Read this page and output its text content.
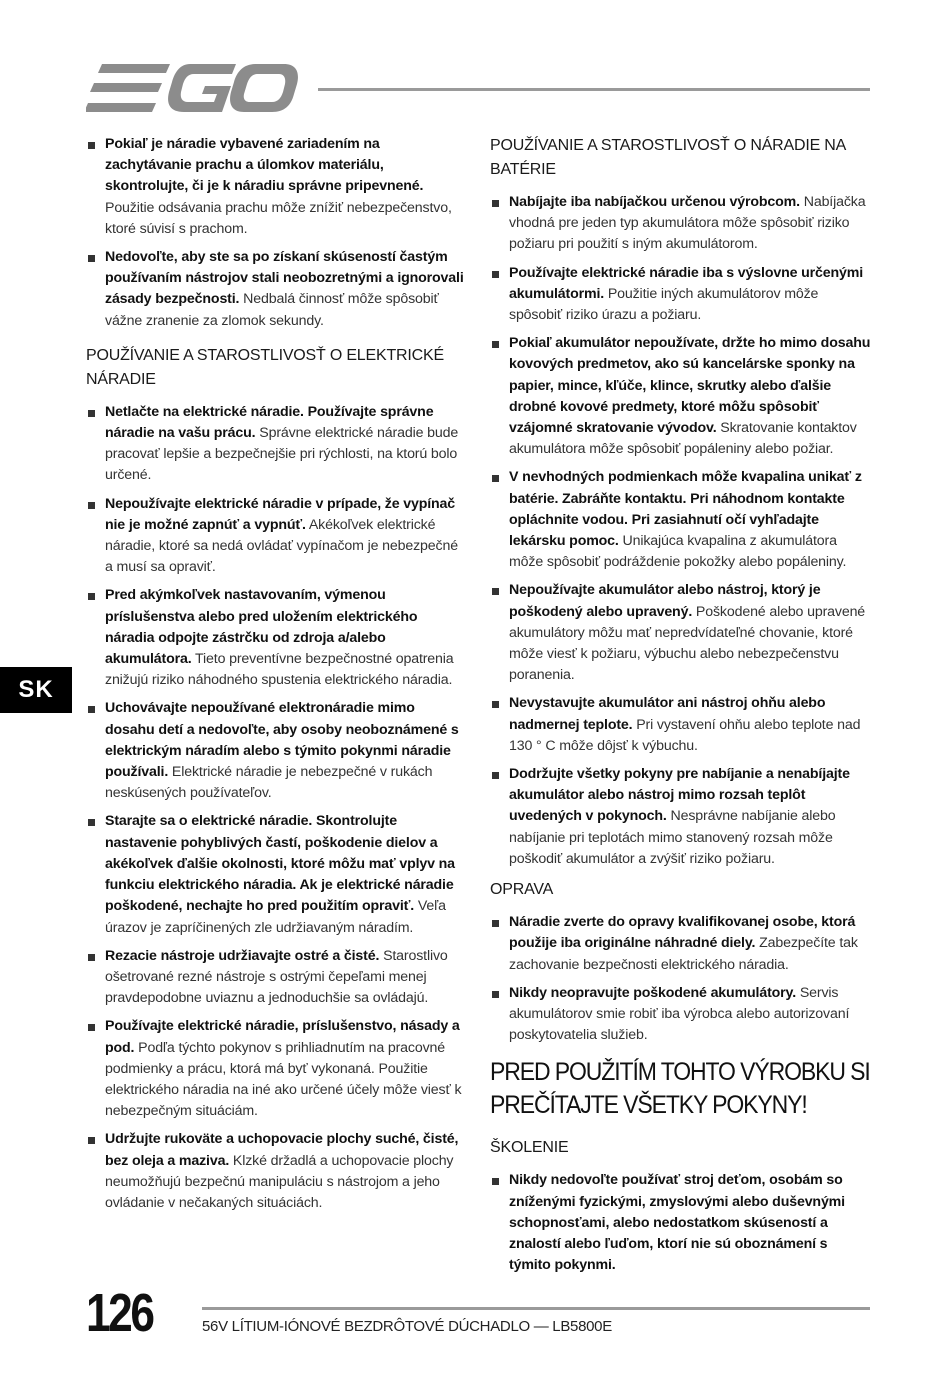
SK
Pokiaľ je náradie vybavené zariadením na zachytávanie prachu a úlomkov materiálu, skontrolujte, či je k náradiu správne pripevnené. Použitie odsávania prachu môže znížiť nebezpečenstvo, ktoré súvisí s prachom.
Nedovoľte, aby ste sa po získaní skúseností častým používaním nástrojov stali neobozretnými a ignorovali zásady bezpečnosti. Nedbalá činnosť môže spôsobiť vážne zranenie za zlomok sekundy.
POUŽÍVANIE A STAROSTLIVOSŤ O ELEKTRICKÉ NÁRADIE
Netlačte na elektrické náradie. Používajte správne náradie na vašu prácu. Správne elektrické náradie bude pracovať lepšie a bezpečnejšie pri rýchlosti, na ktorú bolo určené.
Nepoužívajte elektrické náradie v prípade, že vypínač nie je možné zapnúť a vypnúť. Akékoľvek elektrické náradie, ktoré sa nedá ovládať vypínačom je nebezpečné a musí sa opraviť.
Pred akýmkoľvek nastavovaním, výmenou príslušenstva alebo pred uložením elektrického náradia odpojte zástrčku od zdroja a/alebo akumulátora. Tieto preventívne bezpečnostné opatrenia znižujú riziko náhodného spustenia elektrického náradia.
Uchovávajte nepoužívané elektronáradie mimo dosahu detí a nedovoľte, aby osoby neoboznámené s elektrickým náradím alebo s týmito pokynmi náradie používali. Elektrické náradie je nebezpečné v rukách neskúsených používateľov.
Starajte sa o elektrické náradie. Skontrolujte nastavenie pohyblivých častí, poškodenie dielov a akékoľvek ďalšie okolnosti, ktoré môžu mať vplyv na funkciu elektrického náradia. Ak je elektrické náradie poškodené, nechajte ho pred použitím opraviť. Veľa úrazov je zapríčinených zle udržiavaným náradím.
Rezacie nástroje udržiavajte ostré a čisté. Starostlivo ošetrované rezné nástroje s ostrými čepeľami menej pravdepodobne uviaznu a jednoduchšie sa ovládajú.
Používajte elektrické náradie, príslušenstvo, násady a pod. Podľa týchto pokynov s prihliadnutím na pracovné podmienky a prácu, ktorá má byť vykonaná. Použitie elektrického náradia na iné ako určené účely môže viesť k nebezpečným situáciám.
Udržujte rukoväte a uchopovacie plochy suché, čisté, bez oleja a maziva. Klzké držadlá a uchopovacie plochy neumožňujú bezpečnú manipuláciu s nástrojom a jeho ovládanie v nečakaných situáciách.
POUŽÍVANIE A STAROSTLIVOSŤ O NÁRADIE NA BATÉRIE
Nabíjajte iba nabíjačkou určenou výrobcom. Nabíjačka vhodná pre jeden typ akumulátora môže spôsobiť riziko požiaru pri použití s iným akumulátorom.
Používajte elektrické náradie iba s výslovne určenými akumulátormi. Použitie iných akumulátorov môže spôsobiť riziko úrazu a požiaru.
Pokiaľ akumulátor nepoužívate, držte ho mimo dosahu kovových predmetov, ako sú kancelárske sponky na papier, mince, kľúče, klince, skrutky alebo ďalšie drobné kovové predmety, ktoré môžu spôsobiť vzájomné skratovanie vývodov. Skratovanie kontaktov akumulátora môže spôsobiť popáleniny alebo požiar.
V nevhodných podmienkach môže kvapalina unikať z batérie. Zabráňte kontaktu. Pri náhodnom kontakte opláchnite vodou. Pri zasiahnutí očí vyhľadajte lekársku pomoc. Unikajúca kvapalina z akumulátora môže spôsobiť podráždenie pokožky alebo popáleniny.
Nepoužívajte akumulátor alebo nástroj, ktorý je poškodený alebo upravený. Poškodené alebo upravené akumulátory môžu mať nepredvídateľné chovanie, ktoré môže viesť k požiaru, výbuchu alebo nebezpečenstvu poranenia.
Nevystavujte akumulátor ani nástroj ohňu alebo nadmernej teplote. Pri vystavení ohňu alebo teplote nad 130 ° C môže dôjsť k výbuchu.
Dodržujte všetky pokyny pre nabíjanie a nenabíjajte akumulátor alebo nástroj mimo rozsah teplôt uvedených v pokynoch. Nesprávne nabíjanie alebo nabíjanie pri teplotách mimo stanovený rozsah môže poškodiť akumulátor a zvýšiť riziko požiaru.
OPRAVA
Náradie zverte do opravy kvalifikovanej osobe, ktorá použije iba originálne náhradné diely. Zabezpečíte tak zachovanie bezpečnosti elektrického náradia.
Nikdy neopravujte poškodené akumulátory. Servis akumulátorov smie robiť iba výrobca alebo autorizovaní poskytovatelia služieb.
PRED POUŽITÍM TOHTO VÝROBKU SI PREČÍTAJTE VŠETKY POKYNY!
ŠKOLENIE
Nikdy nedovoľte používať stroj deťom, osobám so zníženými fyzickými, zmyslovými alebo duševnými schopnosťami, alebo nedostatkom skúseností a znalostí alebo ľuďom, ktorí nie sú oboznámení s týmito pokynmi.
126	56V LÍTIUM-IÓNOVÉ BEZDRÔTOVÉ DÚCHADLO — LB5800E
